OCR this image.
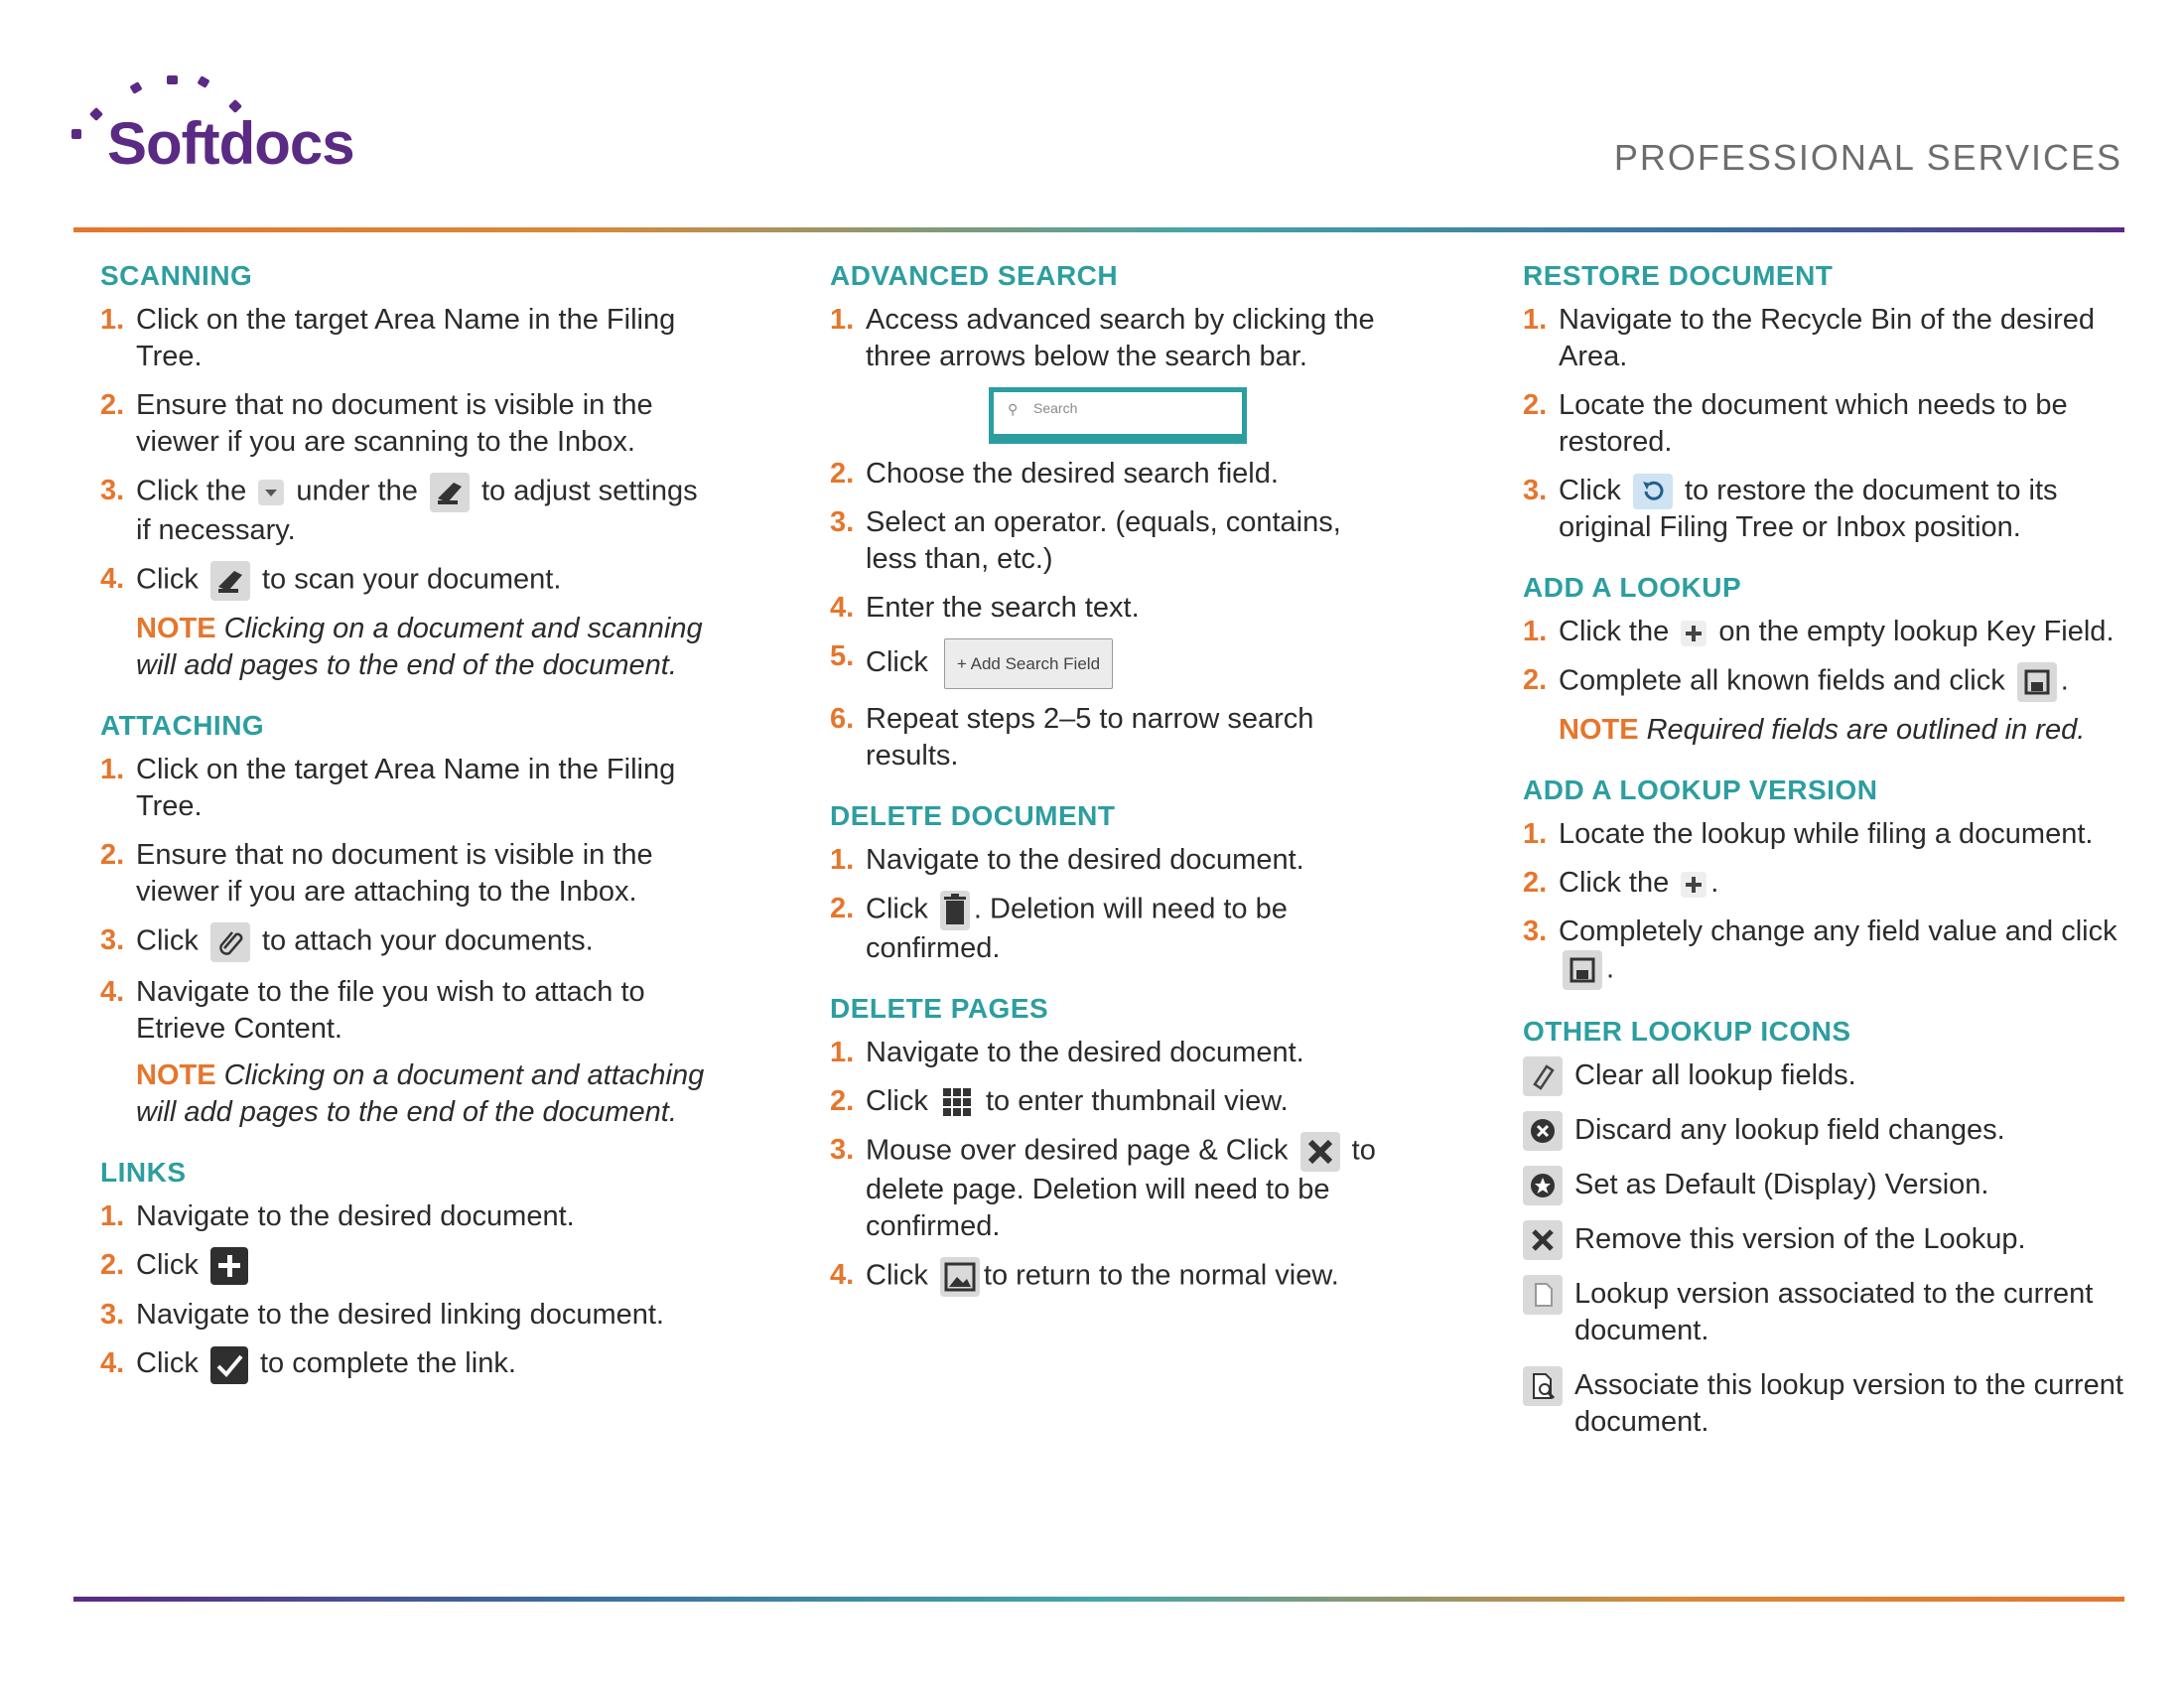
Softdocs	PROFESSIONAL SERVICES
SCANNING
1. Click on the target Area Name in the Filing Tree.
2. Ensure that no document is visible in the viewer if you are scanning to the Inbox.
3. Click the under the to adjust settings if necessary.
4. Click to scan your document.
NOTE Clicking on a document and scanning will add pages to the end of the document.
ATTACHING
1. Click on the target Area Name in the Filing Tree.
2. Ensure that no document is visible in the viewer if you are attaching to the Inbox.
3. Click to attach your documents.
4. Navigate to the file you wish to attach to Etrieve Content.
NOTE Clicking on a document and attaching will add pages to the end of the document.
LINKS
1. Navigate to the desired document.
2. Click
3. Navigate to the desired linking document.
4. Click to complete the link.
ADVANCED SEARCH
1. Access advanced search by clicking the three arrows below the search bar.
⚲ Search
2. Choose the desired search field.
3. Select an operator. (equals, contains, less than, etc.)
4. Enter the search text.
5. Click + Add Search Field
6. Repeat steps 2–5 to narrow search results.
DELETE DOCUMENT
1. Navigate to the desired document.
2. Click . Deletion will need to be confirmed.
DELETE PAGES
1. Navigate to the desired document.
2. Click to enter thumbnail view.
3. Mouse over desired page & Click to delete page. Deletion will need to be confirmed.
4. Click to return to the normal view.
RESTORE DOCUMENT
1. Navigate to the Recycle Bin of the desired Area.
2. Locate the document which needs to be restored.
3. Click to restore the document to its original Filing Tree or Inbox position.
ADD A LOOKUP
1. Click the on the empty lookup Key Field.
2. Complete all known fields and click .
NOTE Required fields are outlined in red.
ADD A LOOKUP VERSION
1. Locate the lookup while filing a document.
2. Click the .
3. Completely change any field value and click
.
OTHER LOOKUP ICONS
Clear all lookup fields.
Discard any lookup field changes.
Set as Default (Display) Version.
Remove this version of the Lookup.
Lookup version associated to the current document.
Associate this lookup version to the current document.
